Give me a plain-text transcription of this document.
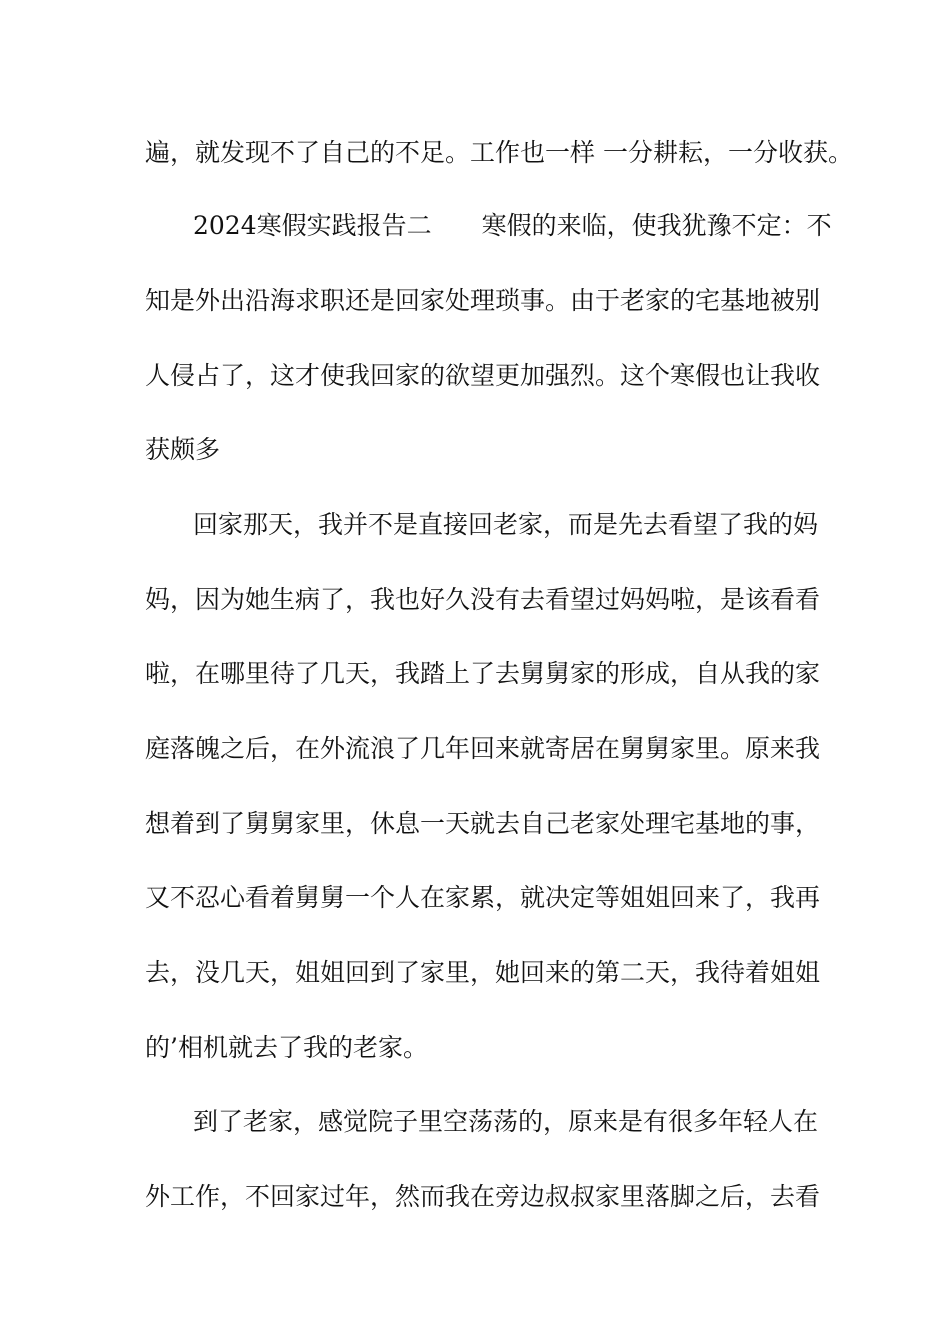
遍，就发现不了自己的不足。工作也一样 一分耕耘，一分收获。
2024寒假实践报告二　　寒假的来临，使我犹豫不定：不
知是外出沿海求职还是回家处理琐事。由于老家的宅基地被别
人侵占了，这才使我回家的欲望更加强烈。这个寒假也让我收
获颇多
回家那天，我并不是直接回老家，而是先去看望了我的妈
妈，因为她生病了，我也好久没有去看望过妈妈啦，是该看看
啦，在哪里待了几天，我踏上了去舅舅家的形成，自从我的家
庭落魄之后，在外流浪了几年回来就寄居在舅舅家里。原来我
想着到了舅舅家里，休息一天就去自己老家处理宅基地的事，
又不忍心看着舅舅一个人在家累，就决定等姐姐回来了，我再
去，没几天，姐姐回到了家里，她回来的第二天，我待着姐姐
的’相机就去了我的老家。
到了老家，感觉院子里空荡荡的，原来是有很多年轻人在
外工作，不回家过年，然而我在旁边叔叔家里落脚之后，去看
